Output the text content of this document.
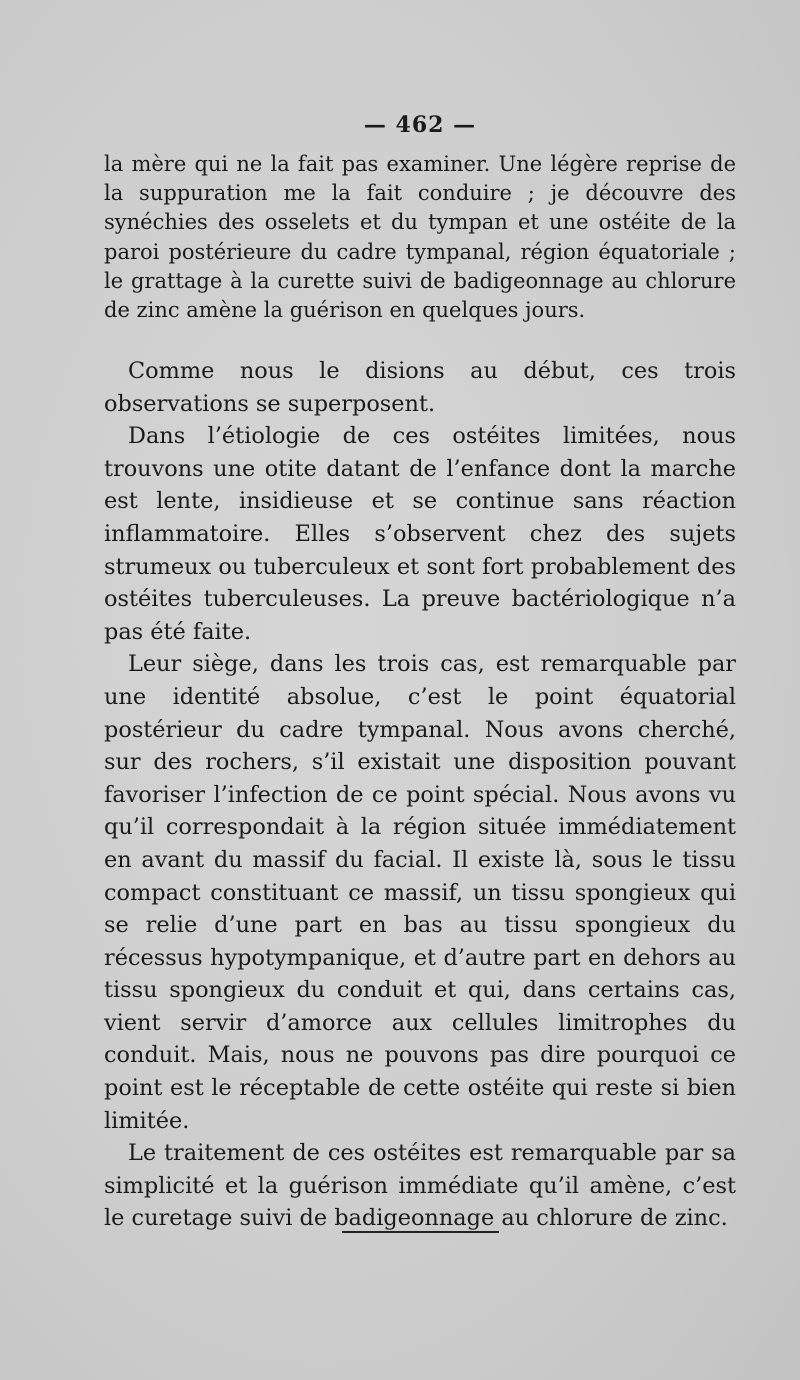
— 462 —

la mère qui ne la fait pas examiner. Une légère reprise de la suppuration me la fait conduire ; je découvre des synéchies des osselets et du tympan et une ostéite de la paroi postérieure du cadre tympanal, région équatoriale ; le grattage à la curette suivi de badigeonnage au chlorure de zinc amène la guérison en quelques jours.

Comme nous le disions au début, ces trois observations se superposent.

Dans l’étiologie de ces ostéites limitées, nous trouvons une otite datant de l’enfance dont la marche est lente, insidieuse et se continue sans réaction inflammatoire. Elles s’observent chez des sujets strumeux ou tuberculeux et sont fort probablement des ostéites tuberculeuses. La preuve bactériologique n’a pas été faite.

Leur siège, dans les trois cas, est remarquable par une identité absolue, c’est le point équatorial postérieur du cadre tympanal. Nous avons cherché, sur des rochers, s’il existait une disposition pouvant favoriser l’infection de ce point spécial. Nous avons vu qu’il correspondait à la région située immédiatement en avant du massif du facial. Il existe là, sous le tissu compact constituant ce massif, un tissu spongieux qui se relie d’une part en bas au tissu spongieux du récessus hypotympanique, et d’autre part en dehors au tissu spongieux du conduit et qui, dans certains cas, vient servir d’amorce aux cellules limitrophes du conduit. Mais, nous ne pouvons pas dire pourquoi ce point est le réceptable de cette ostéite qui reste si bien limitée.

Le traitement de ces ostéites est remarquable par sa simplicité et la guérison immédiate qu’il amène, c’est le curetage suivi de badigeonnage au chlorure de zinc.
